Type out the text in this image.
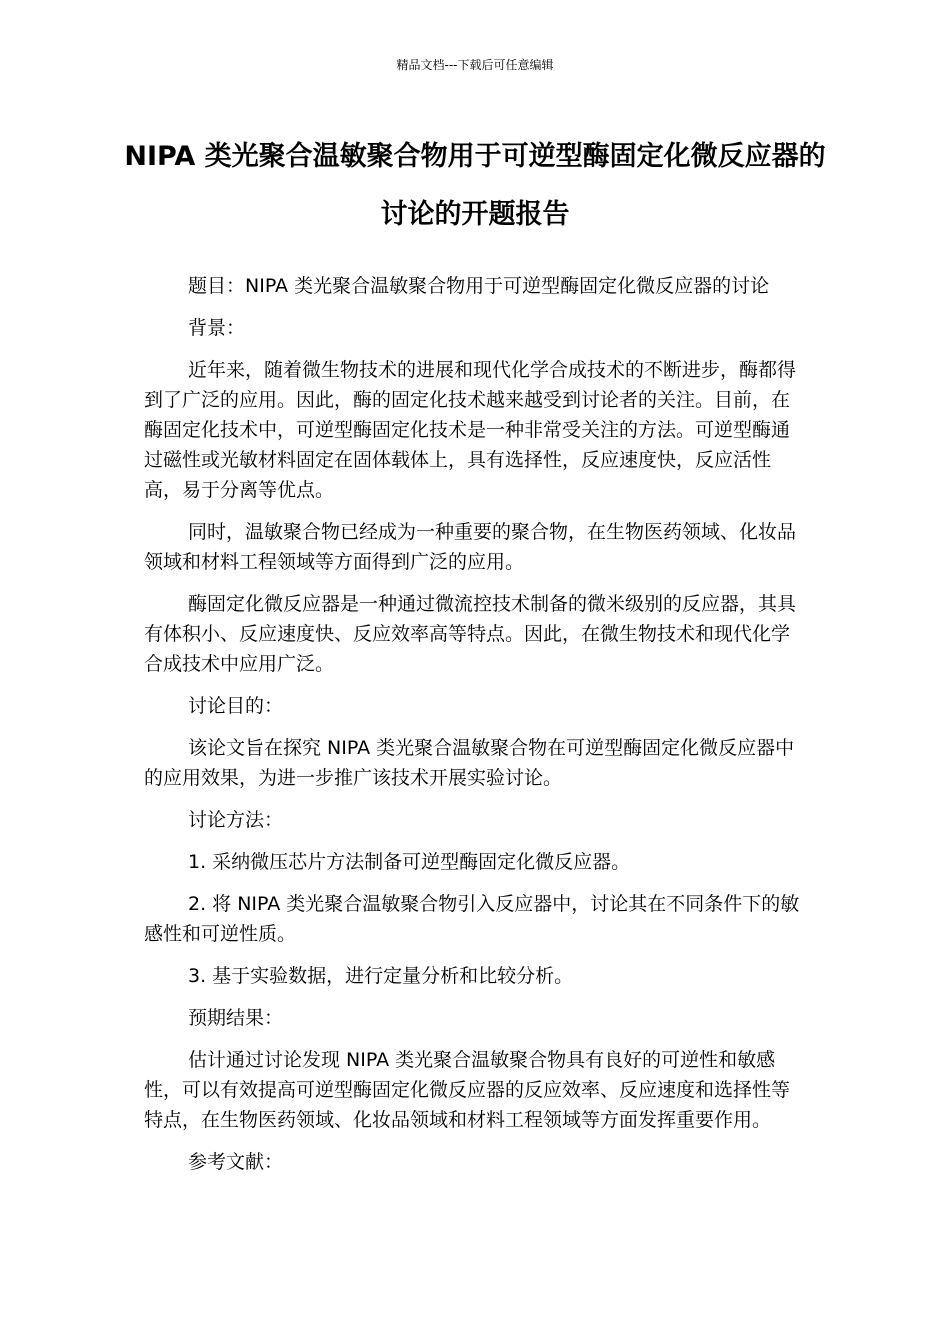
精品文档---下载后可任意编辑
NIPA 类光聚合温敏聚合物用于可逆型酶固定化微反应器的讨论的开题报告

题目：NIPA 类光聚合温敏聚合物用于可逆型酶固定化微反应器的讨论

背景：

近年来，随着微生物技术的进展和现代化学合成技术的不断进步，酶都得到了广泛的应用。因此，酶的固定化技术越来越受到讨论者的关注。目前，在酶固定化技术中，可逆型酶固定化技术是一种非常受关注的方法。可逆型酶通过磁性或光敏材料固定在固体载体上，具有选择性，反应速度快，反应活性高，易于分离等优点。

同时，温敏聚合物已经成为一种重要的聚合物，在生物医药领域、化妆品领域和材料工程领域等方面得到广泛的应用。

酶固定化微反应器是一种通过微流控技术制备的微米级别的反应器，其具有体积小、反应速度快、反应效率高等特点。因此，在微生物技术和现代化学合成技术中应用广泛。

讨论目的：

该论文旨在探究 NIPA 类光聚合温敏聚合物在可逆型酶固定化微反应器中的应用效果，为进一步推广该技术开展实验讨论。

讨论方法：

1. 采纳微压芯片方法制备可逆型酶固定化微反应器。

2. 将 NIPA 类光聚合温敏聚合物引入反应器中，讨论其在不同条件下的敏感性和可逆性质。

3. 基于实验数据，进行定量分析和比较分析。

预期结果：

估计通过讨论发现 NIPA 类光聚合温敏聚合物具有良好的可逆性和敏感性，可以有效提高可逆型酶固定化微反应器的反应效率、反应速度和选择性等特点，在生物医药领域、化妆品领域和材料工程领域等方面发挥重要作用。

参考文献：
